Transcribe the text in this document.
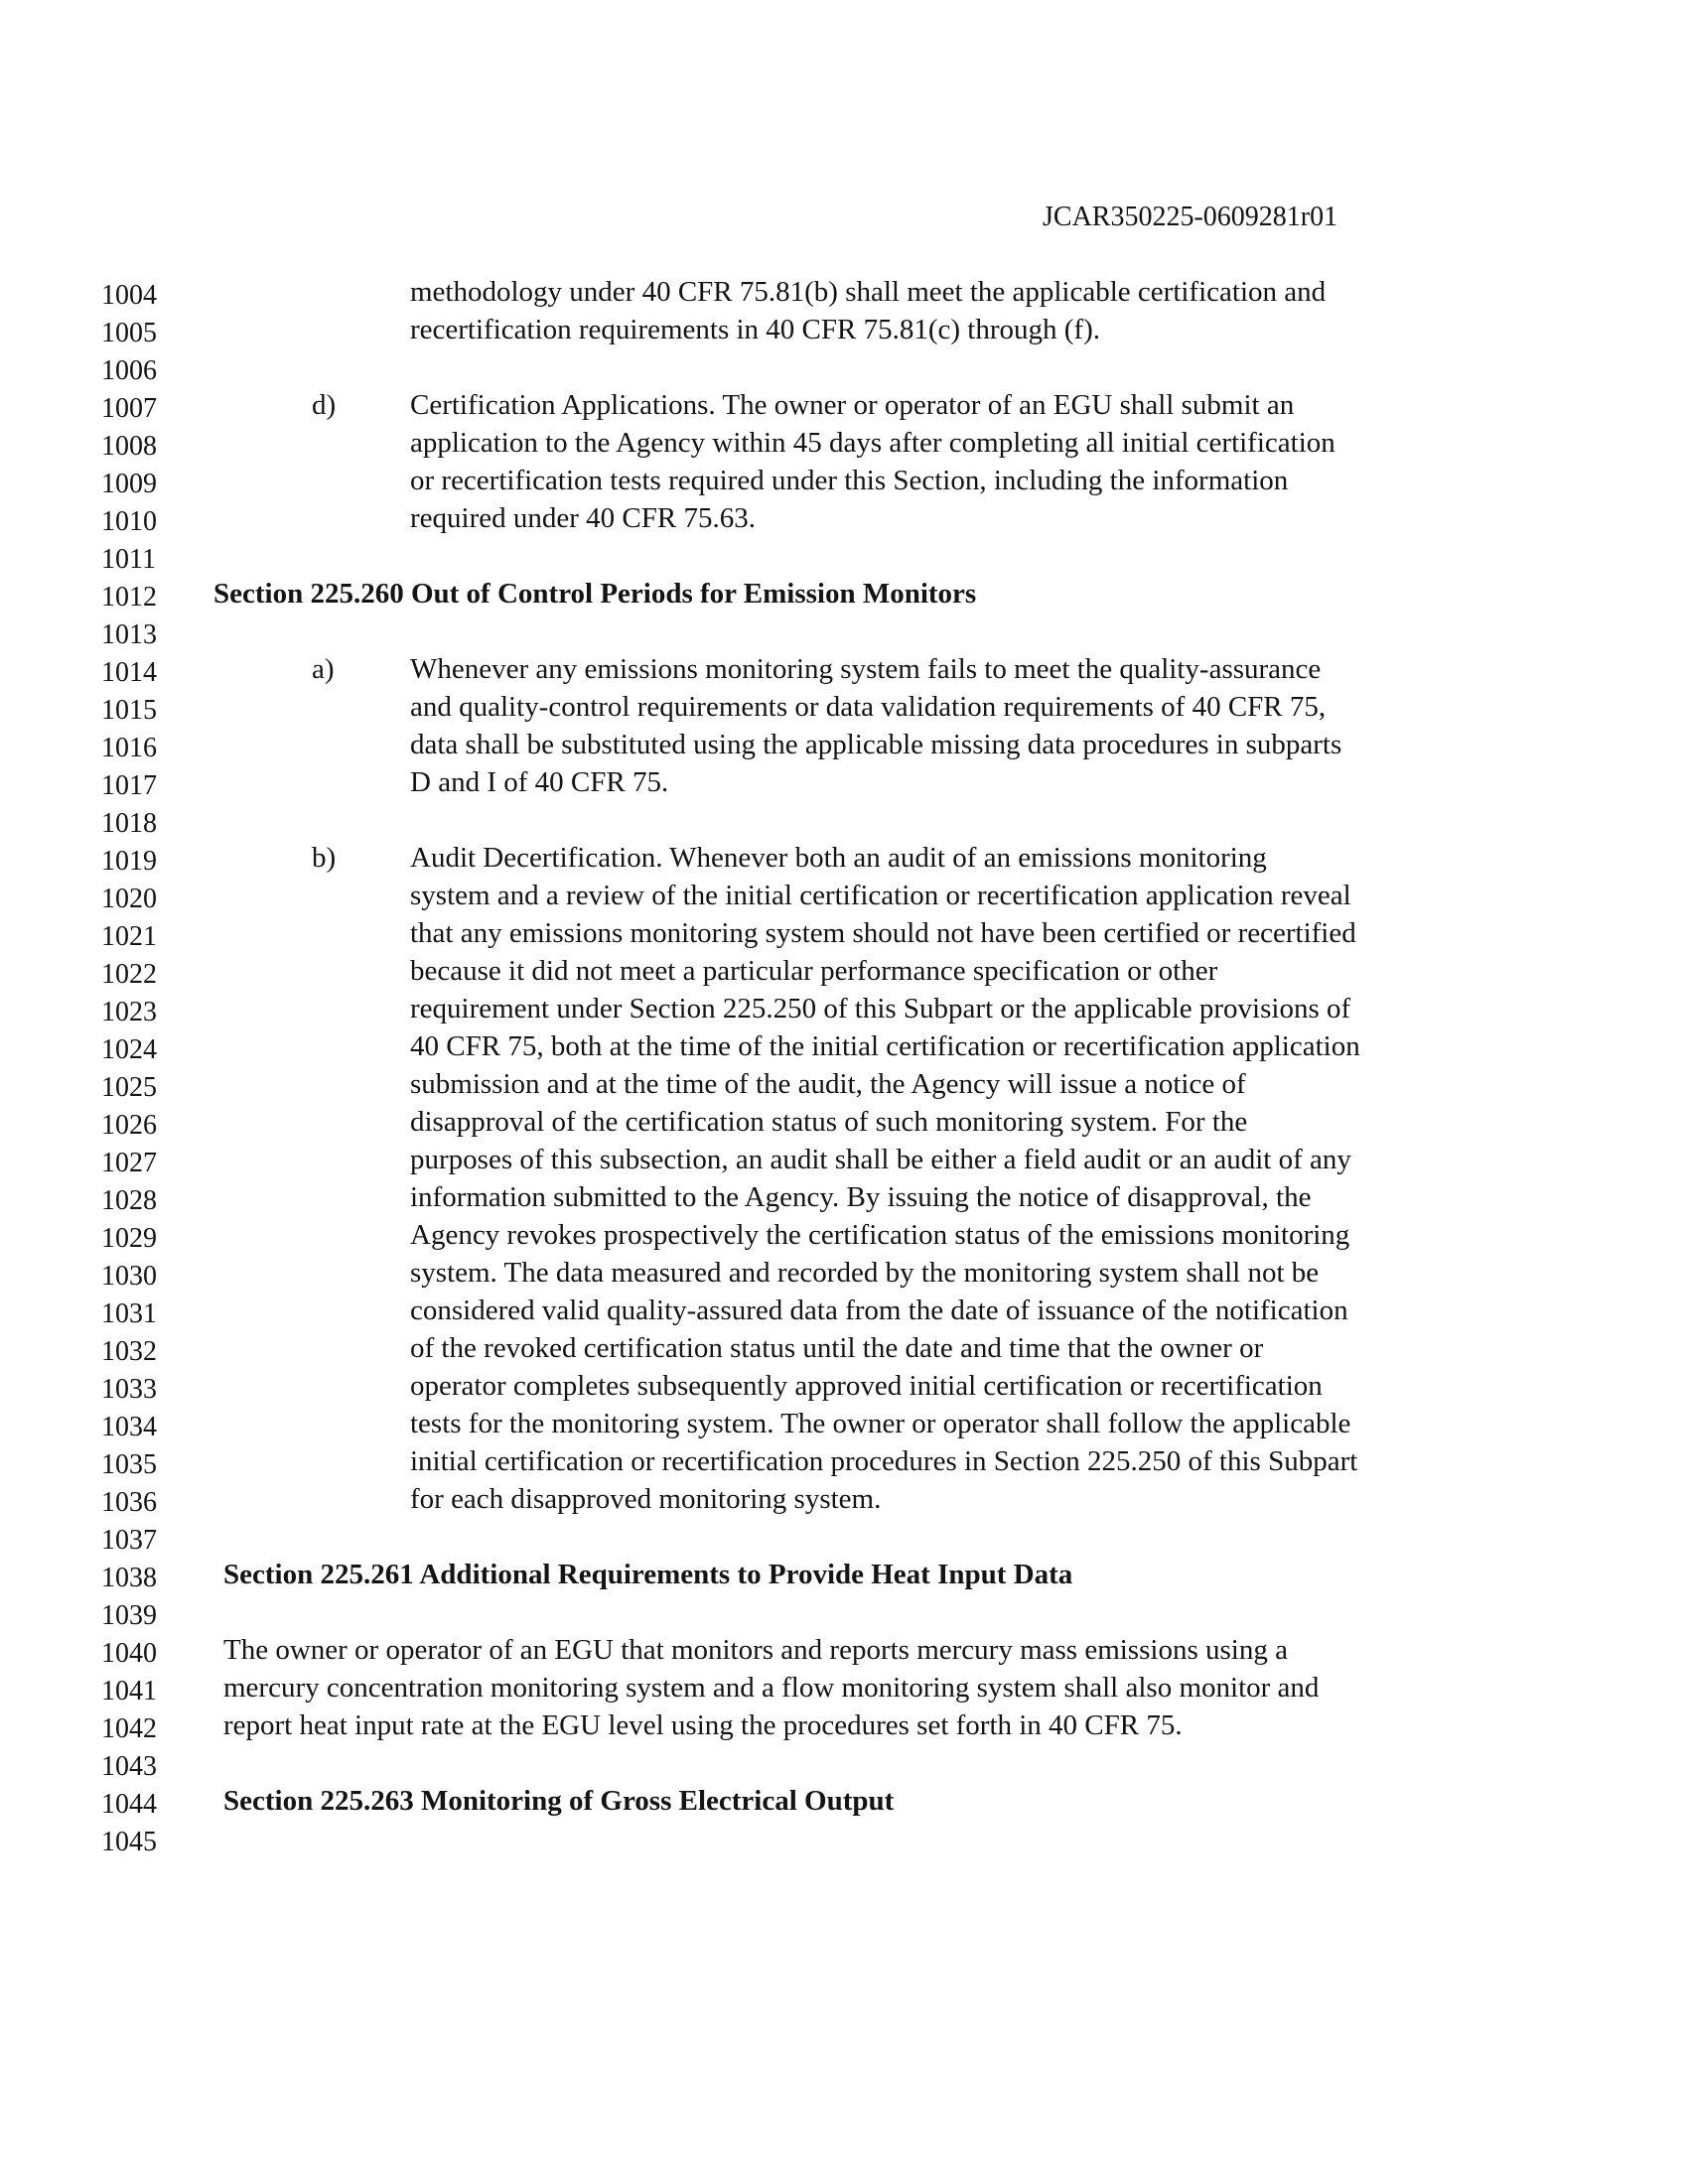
JCAR350225-0609281r01
1004
1005
1006
1007
1008
1009
1010
1011
1012
1013
1014
1015
1016
1017
1018
1019
1020
1021
1022
1023
1024
1025
1026
1027
1028
1029
1030
1031
1032
1033
1034
1035
1036
1037
1038
1039
1040
1041
1042
1043
1044
1045
methodology under 40 CFR 75.81(b) shall meet the applicable certification and
recertification requirements in 40 CFR 75.81(c) through (f).
d)	Certification Applications. The owner or operator of an EGU shall submit an
application to the Agency within 45 days after completing all initial certification
or recertification tests required under this Section, including the information
required under 40 CFR 75.63.
Section 225.260 Out of Control Periods for Emission Monitors
a)	Whenever any emissions monitoring system fails to meet the quality-assurance
and quality-control requirements or data validation requirements of 40 CFR 75,
data shall be substituted using the applicable missing data procedures in subparts
D and I of 40 CFR 75.
b)	Audit Decertification. Whenever both an audit of an emissions monitoring
system and a review of the initial certification or recertification application reveal
that any emissions monitoring system should not have been certified or recertified
because it did not meet a particular performance specification or other
requirement under Section 225.250 of this Subpart or the applicable provisions of
40 CFR 75, both at the time of the initial certification or recertification application
submission and at the time of the audit, the Agency will issue a notice of
disapproval of the certification status of such monitoring system. For the
purposes of this subsection, an audit shall be either a field audit or an audit of any
information submitted to the Agency. By issuing the notice of disapproval, the
Agency revokes prospectively the certification status of the emissions monitoring
system. The data measured and recorded by the monitoring system shall not be
considered valid quality-assured data from the date of issuance of the notification
of the revoked certification status until the date and time that the owner or
operator completes subsequently approved initial certification or recertification
tests for the monitoring system. The owner or operator shall follow the applicable
initial certification or recertification procedures in Section 225.250 of this Subpart
for each disapproved monitoring system.
Section 225.261 Additional Requirements to Provide Heat Input Data
The owner or operator of an EGU that monitors and reports mercury mass emissions using a
mercury concentration monitoring system and a flow monitoring system shall also monitor and
report heat input rate at the EGU level using the procedures set forth in 40 CFR 75.
Section 225.263 Monitoring of Gross Electrical Output
